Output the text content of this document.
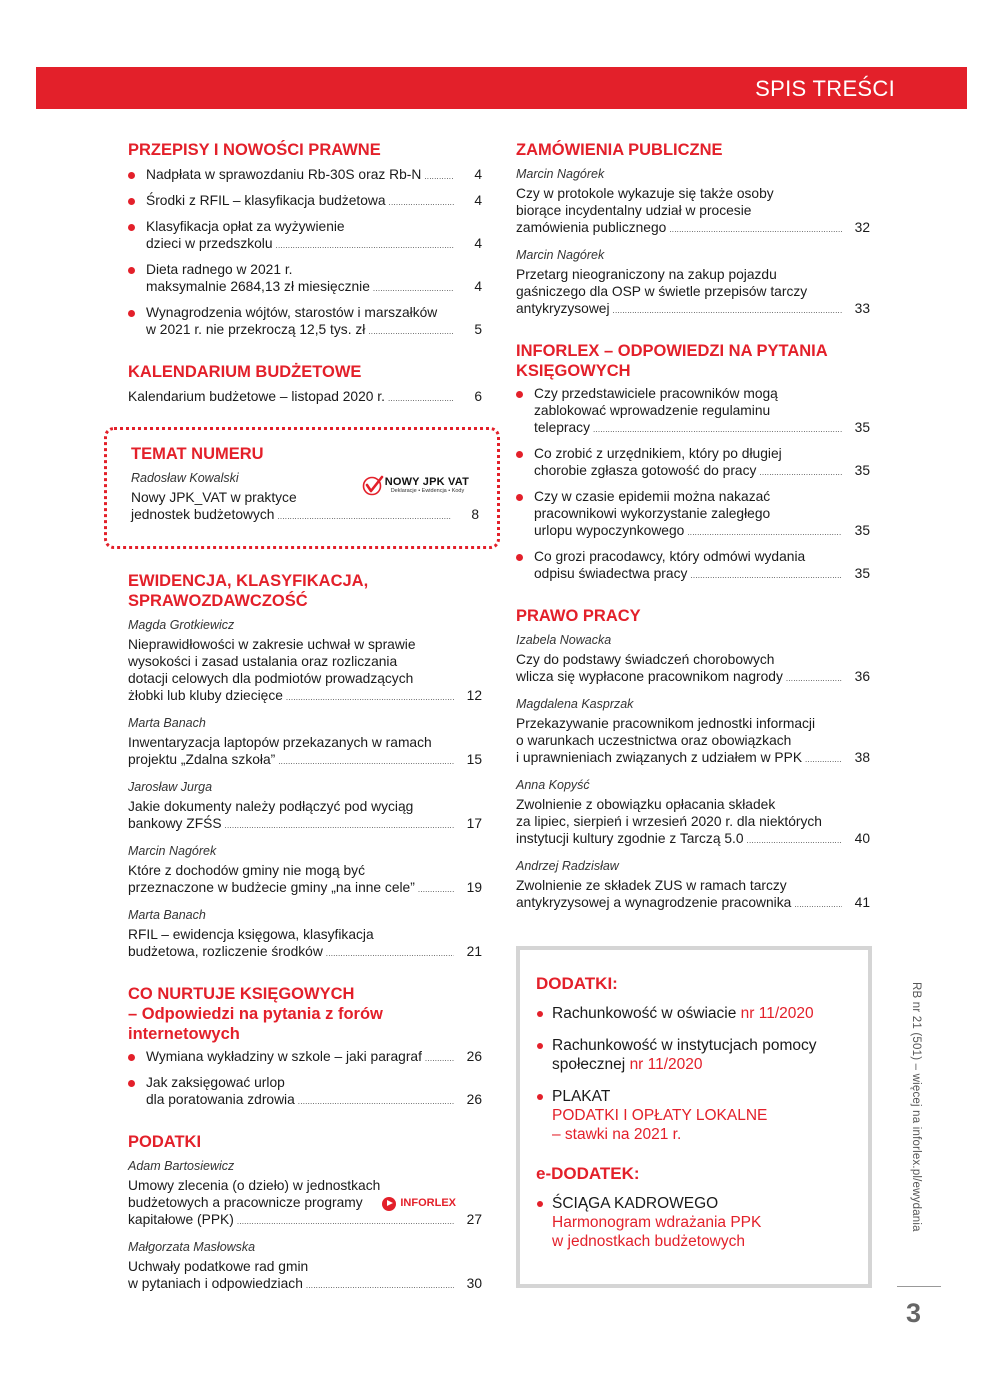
SPIS TREŚCI
PRZEPISY I NOWOŚCI PRAWNE
Nadpłata w sprawozdaniu Rb-30S oraz Rb-N . . .	4
Środki z RFIL – klasyfikacja budżetowa . . .	4
Klasyfikacja opłat za wyżywienie
dzieci w przedszkolu . . .	4
Dieta radnego w 2021 r.
maksymalnie 2684,13 zł miesięcznie . . .	4
Wynagrodzenia wójtów, starostów i marszałków
w 2021 r. nie przekroczą 12,5 tys. zł . . .	5
KALENDARIUM BUDŻETOWE
Kalendarium budżetowe – listopad 2020 r. . . .	6
TEMAT NUMERU
Radosław Kowalski
Nowy JPK_VAT w praktyce
jednostek budżetowych . . .	8
NOWY JPK VAT
Deklaracje • Ewidencja • Kody
EWIDENCJA, KLASYFIKACJA,
SPRAWOZDAWCZOŚĆ
Magda Grotkiewicz
Nieprawidłowości w zakresie uchwał w sprawie
wysokości i zasad ustalania oraz rozliczania
dotacji celowych dla podmiotów prowadzących
żłobki lub kluby dziecięce . . .	12
Marta Banach
Inwentaryzacja laptopów przekazanych w ramach
projektu „Zdalna szkoła” . . .	15
Jarosław Jurga
Jakie dokumenty należy podłączyć pod wyciąg
bankowy ZFŚS . . .	17
Marcin Nagórek
Które z dochodów gminy nie mogą być
przeznaczone w budżecie gminy „na inne cele” . . .	19
Marta Banach
RFIL – ewidencja księgowa, klasyfikacja
budżetowa, rozliczenie środków . . .	21
CO NURTUJE KSIĘGOWYCH
– Odpowiedzi na pytania z forów
internetowych
Wymiana wykładziny w szkole – jaki paragraf . . .	26
Jak zaksięgować urlop
dla poratowania zdrowia . . .	26
PODATKI
Adam Bartosiewicz
Umowy zlecenia (o dzieło) w jednostkach
budżetowych a pracownicze programy
kapitałowe (PPK) . . .	27
INFORLEX
Małgorzata Masłowska
Uchwały podatkowe rad gmin
w pytaniach i odpowiedziach . . .	30
ZAMÓWIENIA PUBLICZNE
Marcin Nagórek
Czy w protokole wykazuje się także osoby
biorące incydentalny udział w procesie
zamówienia publicznego . . .	32
Marcin Nagórek
Przetarg nieograniczony na zakup pojazdu
gaśniczego dla OSP w świetle przepisów tarczy
antykryzysowej . . .	33
INFORLEX – ODPOWIEDZI NA PYTANIA
KSIĘGOWYCH
Czy przedstawiciele pracowników mogą
zablokować wprowadzenie regulaminu
telepracy . . .	35
Co zrobić z urzędnikiem, który po długiej
chorobie zgłasza gotowość do pracy . . .	35
Czy w czasie epidemii można nakazać
pracownikowi wykorzystanie zaległego
urlopu wypoczynkowego . . .	35
Co grozi pracodawcy, który odmówi wydania
odpisu świadectwa pracy . . .	35
PRAWO PRACY
Izabela Nowacka
Czy do podstawy świadczeń chorobowych
wlicza się wypłacone pracownikom nagrody . . .	36
Magdalena Kasprzak
Przekazywanie pracownikom jednostki informacji
o warunkach uczestnictwa oraz obowiązkach
i uprawnieniach związanych z udziałem w PPK . . .	38
Anna Kopyść
Zwolnienie z obowiązku opłacania składek
za lipiec, sierpień i wrzesień 2020 r. dla niektórych
instytucji kultury zgodnie z Tarczą 5.0 . . .	40
Andrzej Radzisław
Zwolnienie ze składek ZUS w ramach tarczy
antykryzysowej a wynagrodzenie pracownika . . .	41
DODATKI:
Rachunkowość w oświacie nr 11/2020
Rachunkowość w instytucjach pomocy
społecznej nr 11/2020
PLAKAT
PODATKI I OPŁATY LOKALNE
– stawki na 2021 r.
e-DODATEK:
ŚCIĄGA KADROWEGO
Harmonogram wdrażania PPK
w jednostkach budżetowych
RB nr 21 (501) – więcej na inforlex.pl/ewydania
3
